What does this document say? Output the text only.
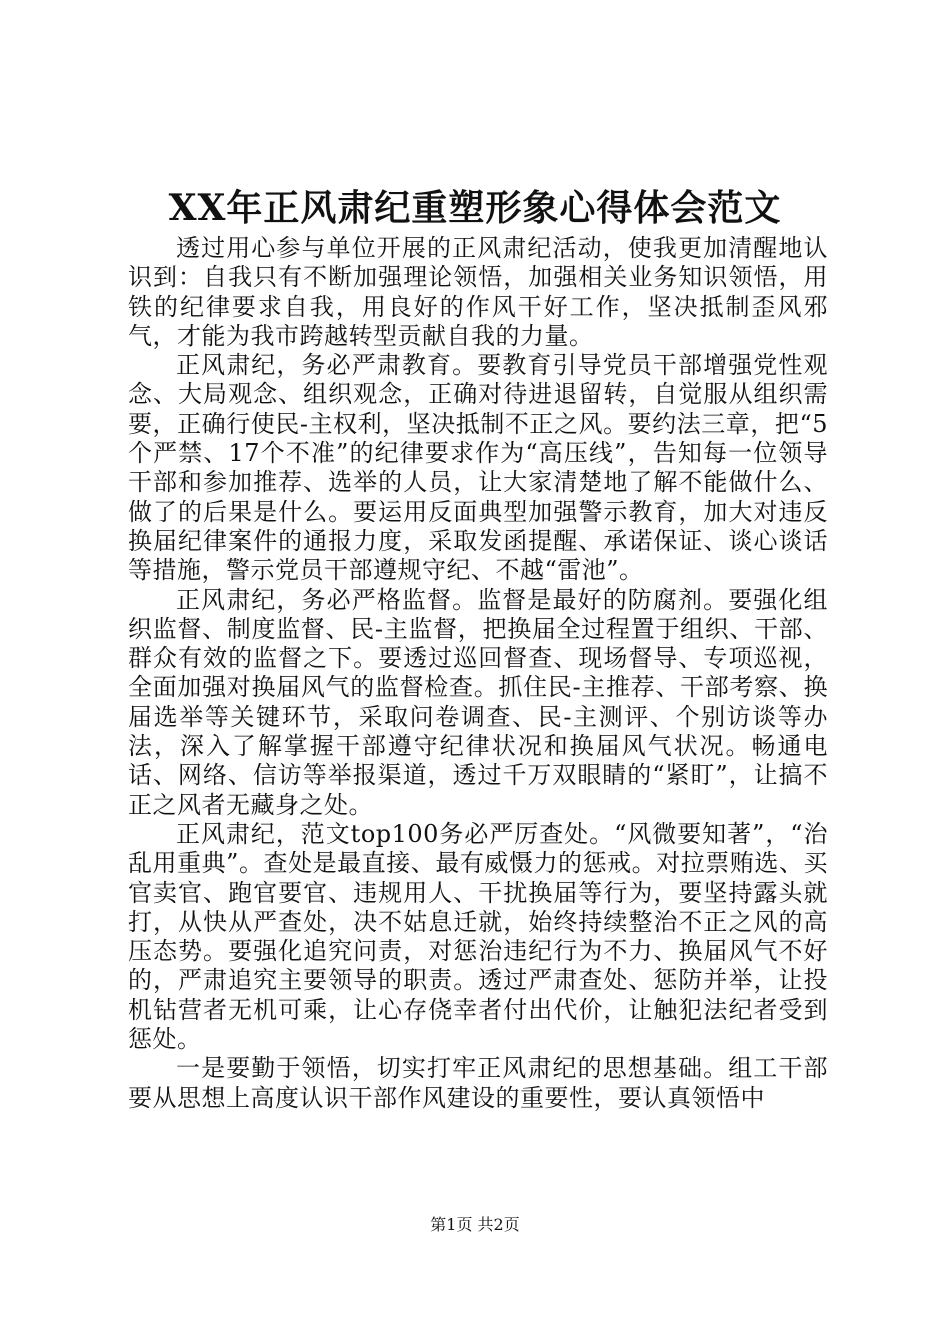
XX年正风肃纪重塑形象心得体会范文

透过用心参与单位开展的正风肃纪活动，使我更加清醒地认识到：自我只有不断加强理论领悟，加强相关业务知识领悟，用铁的纪律要求自我，用良好的作风干好工作，坚决抵制歪风邪气，才能为我市跨越转型贡献自我的力量。

正风肃纪，务必严肃教育。要教育引导党员干部增强党性观念、大局观念、组织观念，正确对待进退留转，自觉服从组织需要，正确行使民-主权利，坚决抵制不正之风。要约法三章，把“5个严禁、17个不准”的纪律要求作为“高压线”，告知每一位领导干部和参加推荐、选举的人员，让大家清楚地了解不能做什么、做了的后果是什么。要运用反面典型加强警示教育，加大对违反换届纪律案件的通报力度，采取发函提醒、承诺保证、谈心谈话等措施，警示党员干部遵规守纪、不越“雷池”。

正风肃纪，务必严格监督。监督是最好的防腐剂。要强化组织监督、制度监督、民-主监督，把换届全过程置于组织、干部、群众有效的监督之下。要透过巡回督查、现场督导、专项巡视，全面加强对换届风气的监督检查。抓住民-主推荐、干部考察、换届选举等关键环节，采取问卷调查、民-主测评、个别访谈等办法，深入了解掌握干部遵守纪律状况和换届风气状况。畅通电话、网络、信访等举报渠道，透过千万双眼睛的“紧盯”，让搞不正之风者无藏身之处。

正风肃纪，范文top100务必严厉查处。“风微要知著”，“治乱用重典”。查处是最直接、最有威慑力的惩戒。对拉票贿选、买官卖官、跑官要官、违规用人、干扰换届等行为，要坚持露头就打，从快从严查处，决不姑息迁就，始终持续整治不正之风的高压态势。要强化追究问责，对惩治违纪行为不力、换届风气不好的，严肃追究主要领导的职责。透过严肃查处、惩防并举，让投机钻营者无机可乘，让心存侥幸者付出代价，让触犯法纪者受到惩处。

一是要勤于领悟，切实打牢正风肃纪的思想基础。组工干部要从思想上高度认识干部作风建设的重要性，要认真领悟中

第1页 共2页
